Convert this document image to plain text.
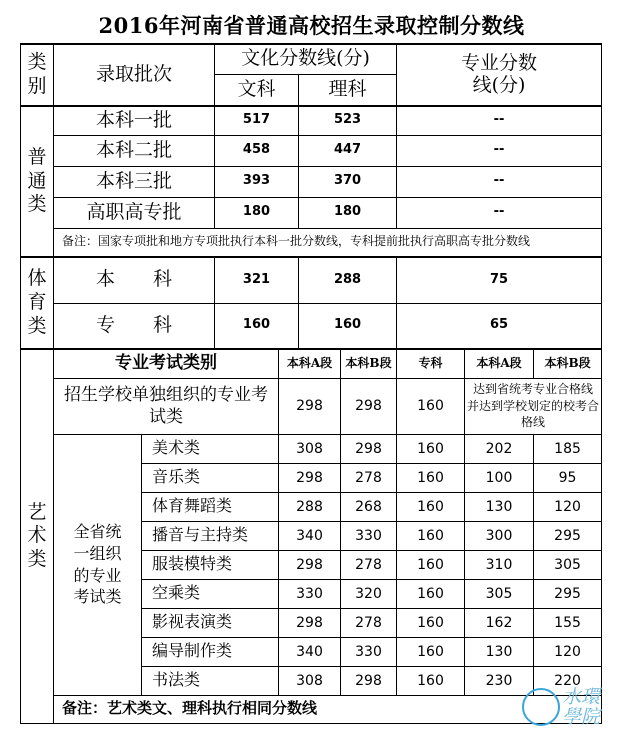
2016年河南省普通高校招生录取控制分数线
类别	录取批次		文化分数线(分)				专业分数线(分)			
			文科		理科					
普通类	本科一批		517		523		--			
	本科二批		458		447		--			
	本科三批		393		370		--			
	高职高专批		180		180		--			
	备注：国家专项批和地方专项批执行本科一批分数线，专科提前批执行高职高专批分数线									
体育类	本　　科		321		288		75			
	专　　科		160		160		65			
艺术类	专业考试类别			本科A段		本科B段	专科	本科A段	本科B段	
	招生学校单独组织的专业考试类			298		298	160	达到省统考专业合格线
并达到学校划定的校考合格线		

	全省统一组织的专业考试类	美术类		308		298	160	202	185	
		音乐类		298		278	160	100	95	
		体育舞蹈类		288		268	160	130	120	
		播音与主持类		340		330	160	300	295	
		服装模特类		298		278	160	310	305	
		空乘类		330		320	160	305	295	
		影视表演类		298		278	160	162	155	
		编导制作类		340		330	160	130	120	
		书法类		308		298	160	230	220	
	备注：艺术类文、理科执行相同分数线									
水環
學院
